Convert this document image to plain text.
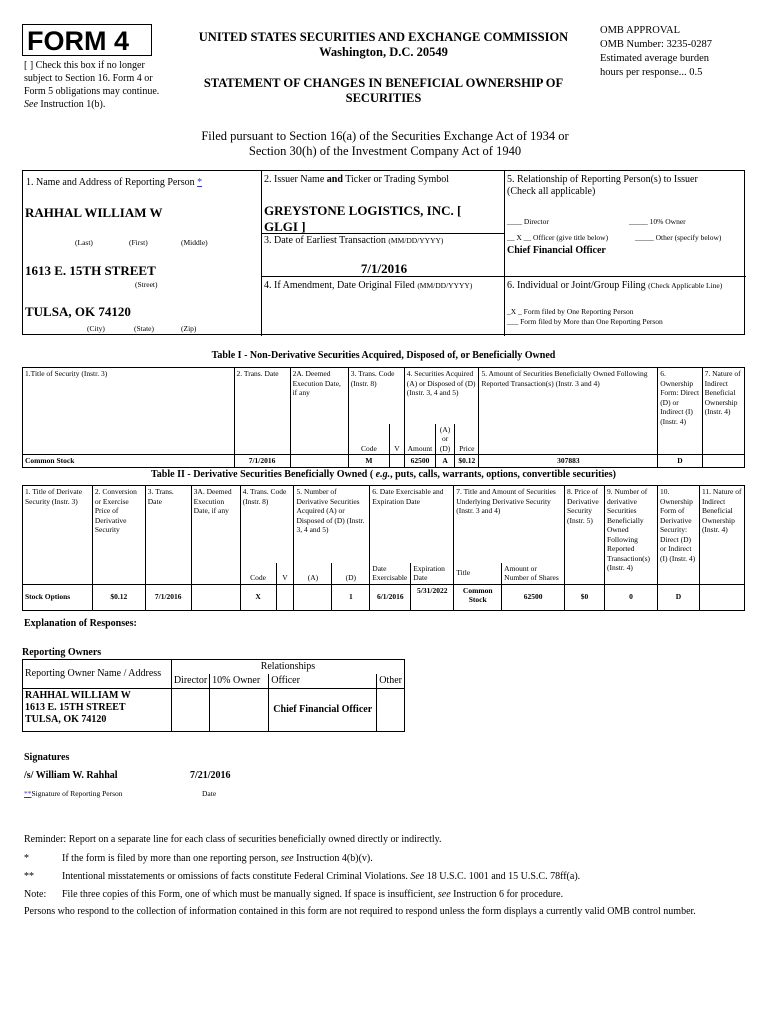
FORM 4
[ ] Check this box if no longer subject to Section 16. Form 4 or Form 5 obligations may continue. See Instruction 1(b).
UNITED STATES SECURITIES AND EXCHANGE COMMISSION
Washington, D.C. 20549
STATEMENT OF CHANGES IN BENEFICIAL OWNERSHIP OF
SECURITIES
OMB APPROVAL
OMB Number: 3235-0287
Estimated average burden
hours per response... 0.5
Filed pursuant to Section 16(a) of the Securities Exchange Act of 1934 or
Section 30(h) of the Investment Company Act of 1940
1. Name and Address of Reporting Person *
RAHHAL WILLIAM W
(Last)	(First)	(Middle)
1613 E. 15TH STREET
(Street)
TULSA, OK 74120
(City)	(State)	(Zip)
2. Issuer Name and Ticker or Trading Symbol
GREYSTONE LOGISTICS, INC. [
GLGI ]
3. Date of Earliest Transaction (MM/DD/YYYY)
7/1/2016
4. If Amendment, Date Original Filed (MM/DD/YYYY)
5. Relationship of Reporting Person(s) to Issuer
(Check all applicable)
____ Director	_____ 10% Owner
__ X __ Officer (give title below)	_____ Other (specify below)
Chief Financial Officer
6. Individual or Joint/Group Filing (Check Applicable Line)
_X _ Form filed by One Reporting Person
___ Form filed by More than One Reporting Person
Table I - Non-Derivative Securities Acquired, Disposed of, or Beneficially Owned
1.Title of Security (Instr. 3)	2. Trans. Date	2A. Deemed Execution Date, if any	3. Trans. Code (Instr. 8)		4. Securities Acquired (A) or Disposed of (D) (Instr. 3, 4 and 5)			5. Amount of Securities Beneficially Owned Following Reported Transaction(s) (Instr. 3 and 4)	6. Ownership Form: Direct (D) or Indirect (I) (Instr. 4)	7. Nature of Indirect Beneficial Ownership (Instr. 4)
			Code	V	Amount	(A) or (D)	Price			
Common Stock	7/1/2016		M		62500	A	$0.12	307883	D	
Table II - Derivative Securities Beneficially Owned ( e.g., puts, calls, warrants, options, convertible securities)
1. Title of Derivate Security (Instr. 3)	2. Conversion or Exercise Price of Derivative Security	3. Trans. Date	3A. Deemed Execution Date, if any	4. Trans. Code (Instr. 8)		5. Number of Derivative Securities Acquired (A) or Disposed of (D) (Instr. 3, 4 and 5)		6. Date Exercisable and Expiration Date		7. Title and Amount of Securities Underlying Derivative Security (Instr. 3 and 4)		8. Price of Derivative Security (Instr. 5)	9. Number of derivative Securities Beneficially Owned Following Reported Transaction(s) (Instr. 4)	10. Ownership Form of Derivative Security: Direct (D) or Indirect (I) (Instr. 4)	11. Nature of Indirect Beneficial Ownership (Instr. 4)
				Code	V	(A)	(D)	Date Exercisable	Expiration Date	Title	Amount or Number of Shares				
Stock Options	$0.12	7/1/2016		X			1	6/1/2016	5/31/2022	Common Stock	62500	$0	0	D	
Explanation of Responses:
Reporting Owners
Reporting Owner Name / Address	Relationships			
	Director	10% Owner	Officer	Other

RAHHAL WILLIAM W
1613 E. 15TH STREET
TULSA, OK 74120			Chief Financial Officer	
Signatures
/s/ William W. Rahhal	7/21/2016
**Signature of Reporting Person	Date
Reminder: Report on a separate line for each class of securities beneficially owned directly or indirectly.
*	If the form is filed by more than one reporting person, see Instruction 4(b)(v).
**	Intentional misstatements or omissions of facts constitute Federal Criminal Violations. See 18 U.S.C. 1001 and 15 U.S.C. 78ff(a).
Note: File three copies of this Form, one of which must be manually signed. If space is insufficient, see Instruction 6 for procedure.
Persons who respond to the collection of information contained in this form are not required to respond unless the form displays a currently valid OMB control number.
